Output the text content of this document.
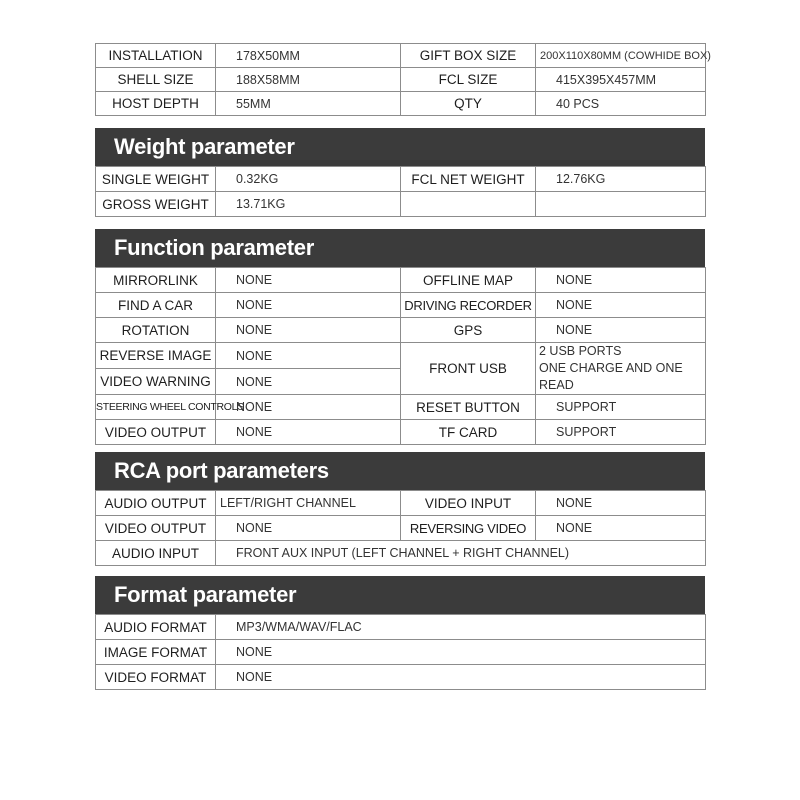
INSTALLATION	178X50MM	GIFT BOX SIZE	200X110X80MM (COWHIDE BOX)
SHELL SIZE	188X58MM	FCL SIZE	415X395X457MM
HOST DEPTH	55MM	QTY	40 PCS
Weight parameter
SINGLE WEIGHT	0.32KG	FCL NET WEIGHT	12.76KG
GROSS WEIGHT	13.71KG		
Function parameter
MIRRORLINK	NONE	OFFLINE MAP	NONE
FIND A CAR	NONE	DRIVING RECORDER	NONE
ROTATION	NONE	GPS	NONE
REVERSE IMAGE	NONE	FRONT USB	2 USB PORTS
ONE CHARGE AND ONE READ
VIDEO WARNING	NONE		
STEERING WHEEL CONTROLS	NONE	RESET BUTTON	SUPPORT
VIDEO OUTPUT	NONE	TF CARD	SUPPORT
RCA port parameters
AUDIO OUTPUT	LEFT/RIGHT CHANNEL	VIDEO INPUT	NONE
VIDEO OUTPUT	NONE	REVERSING VIDEO	NONE
AUDIO INPUT	FRONT AUX INPUT (LEFT CHANNEL + RIGHT CHANNEL)		
Format parameter
AUDIO FORMAT	MP3/WMA/WAV/FLAC
IMAGE FORMAT	NONE
VIDEO FORMAT	NONE
